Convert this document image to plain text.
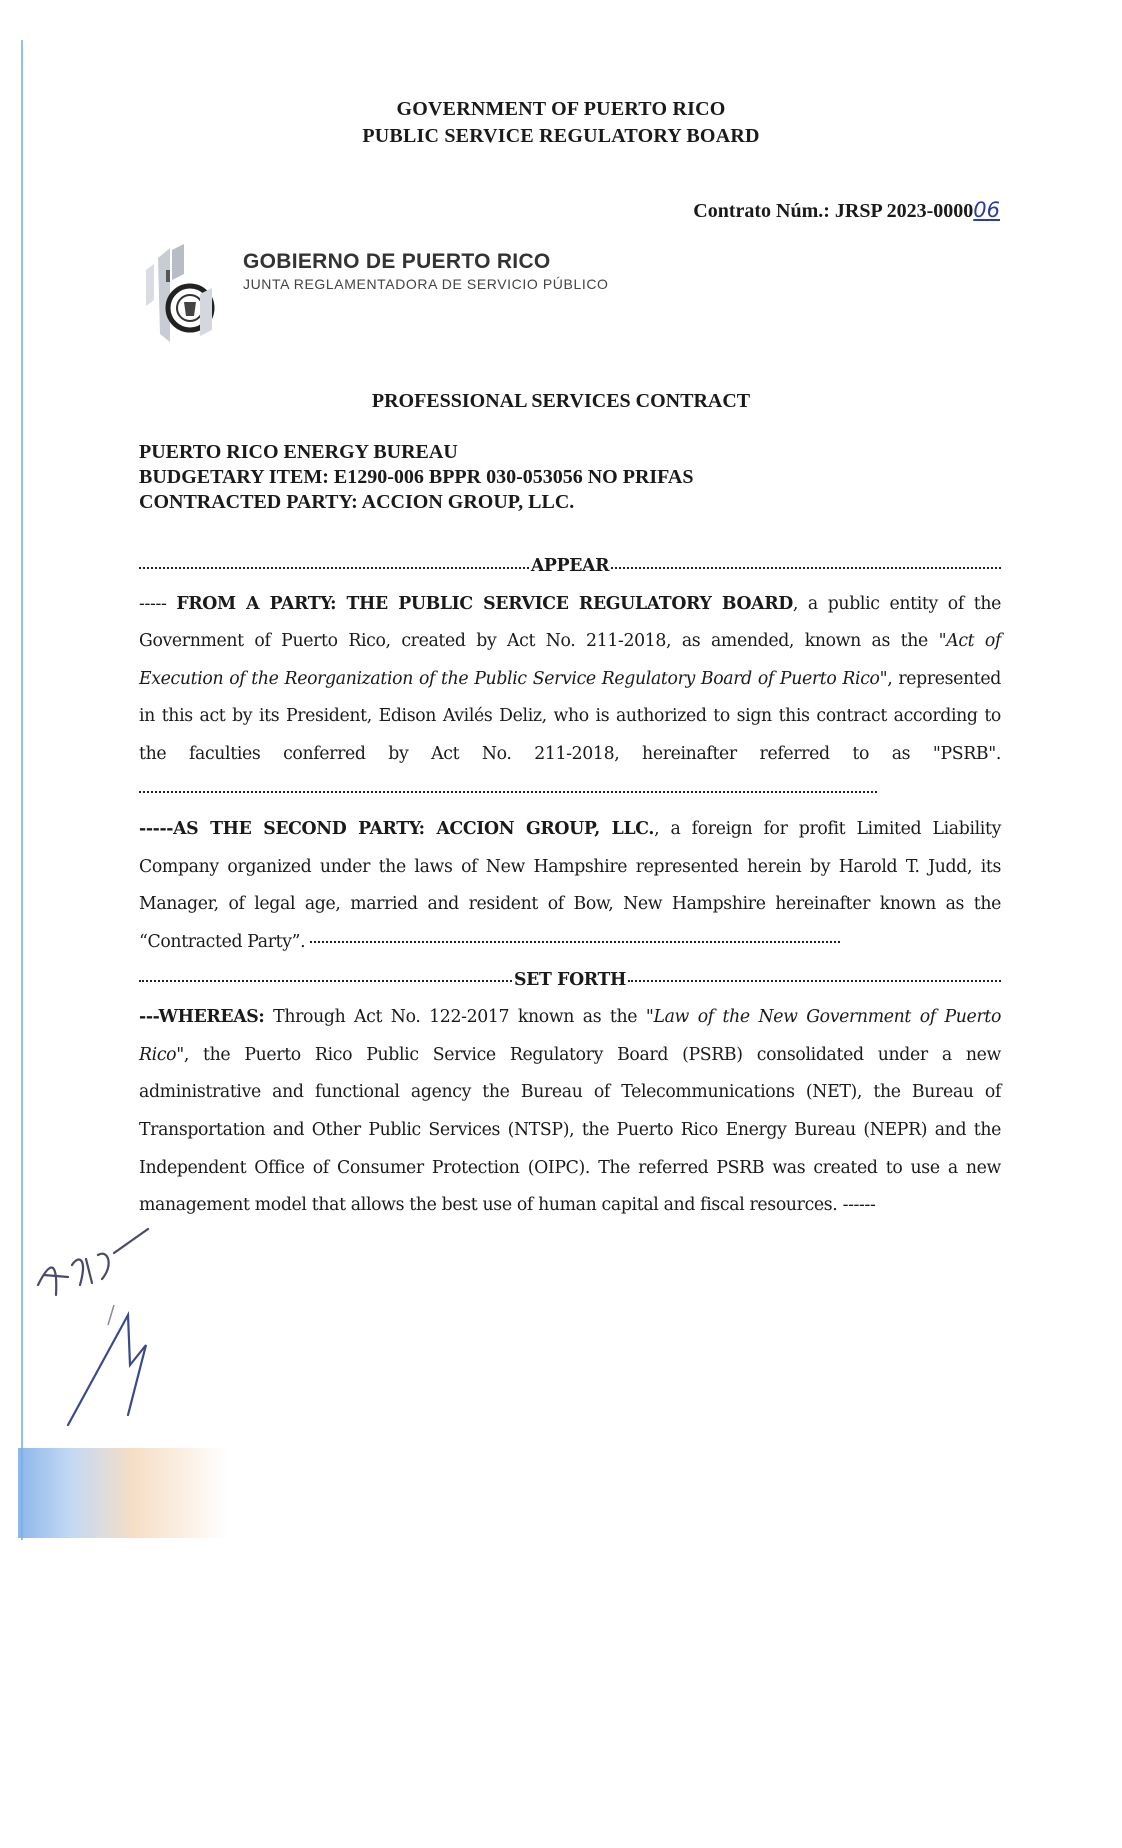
GOVERNMENT OF PUERTO RICO
PUBLIC SERVICE REGULATORY BOARD
Contrato Núm.: JRSP 2023-000006
GOBIERNO DE PUERTO RICO
JUNTA REGLAMENTADORA DE SERVICIO PÚBLICO
PROFESSIONAL SERVICES CONTRACT
PUERTO RICO ENERGY BUREAU
BUDGETARY ITEM: E1290-006 BPPR 030-053056 NO PRIFAS
CONTRACTED PARTY: ACCION GROUP, LLC.
APPEAR

----- FROM A PARTY: THE PUBLIC SERVICE REGULATORY BOARD, a public entity of the Government of Puerto Rico, created by Act No. 211-2018, as amended, known as the "Act of Execution of the Reorganization of the Public Service Regulatory Board of Puerto Rico", represented in this act by its President, Edison Avilés Deliz, who is authorized to sign this contract according to the faculties conferred by Act No. 211-2018, hereinafter referred to as "PSRB".

-----AS THE SECOND PARTY: ACCION GROUP, LLC., a foreign for profit Limited Liability Company organized under the laws of New Hampshire represented herein by Harold T. Judd, its Manager, of legal age, married and resident of Bow, New Hampshire hereinafter known as the “Contracted Party”.

SET FORTH

---WHEREAS: Through Act No. 122-2017 known as the "Law of the New Government of Puerto Rico", the Puerto Rico Public Service Regulatory Board (PSRB) consolidated under a new administrative and functional agency the Bureau of Telecommunications (NET), the Bureau of Transportation and Other Public Services (NTSP), the Puerto Rico Energy Bureau (NEPR) and the Independent Office of Consumer Protection (OIPC). The referred PSRB was created to use a new management model that allows the best use of human capital and fiscal resources. ------
